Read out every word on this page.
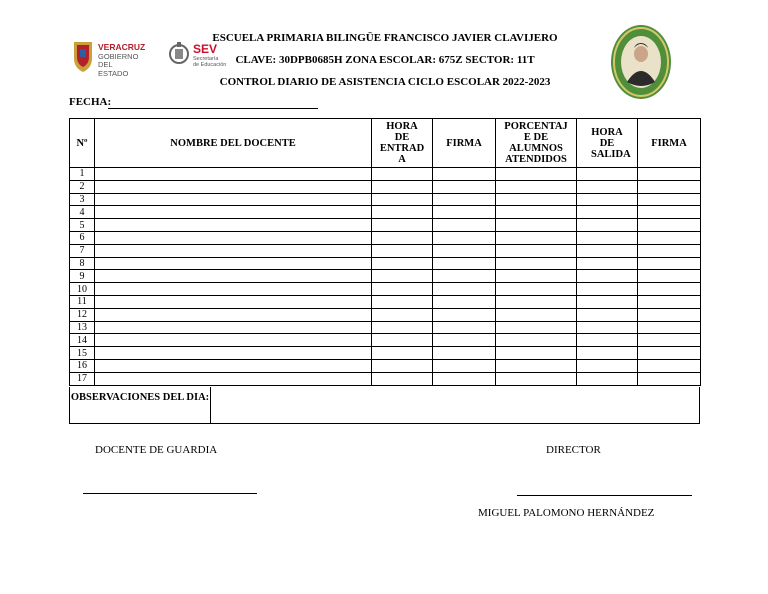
VERACRUZ
GOBIERNO
DEL ESTADO
SEV
Secretaría
de Educación
ESCUELA PRIMARIA BILINGÜE FRANCISCO JAVIER CLAVIJERO
CLAVE: 30DPB0685H ZONA ESCOLAR: 675Z SECTOR: 11T
CONTROL DIARIO DE ASISTENCIA CICLO ESCOLAR 2022-2023
FECHA:
Nº	NOMBRE DEL DOCENTE	HORA DE ENTRAD A	FIRMA	PORCENTAJ E DE ALUMNOS ATENDIDOS	HORA DE SALIDA	FIRMA
1						
2						
3						
4						
5						
6						
7						
8						
9						
10						
11						
12						
13						
14						
15						
16						
17						
OBSERVACIONES DEL DIA:
DOCENTE DE GUARDIA	DIRECTOR
MIGUEL PALOMONO HERNÁNDEZ
